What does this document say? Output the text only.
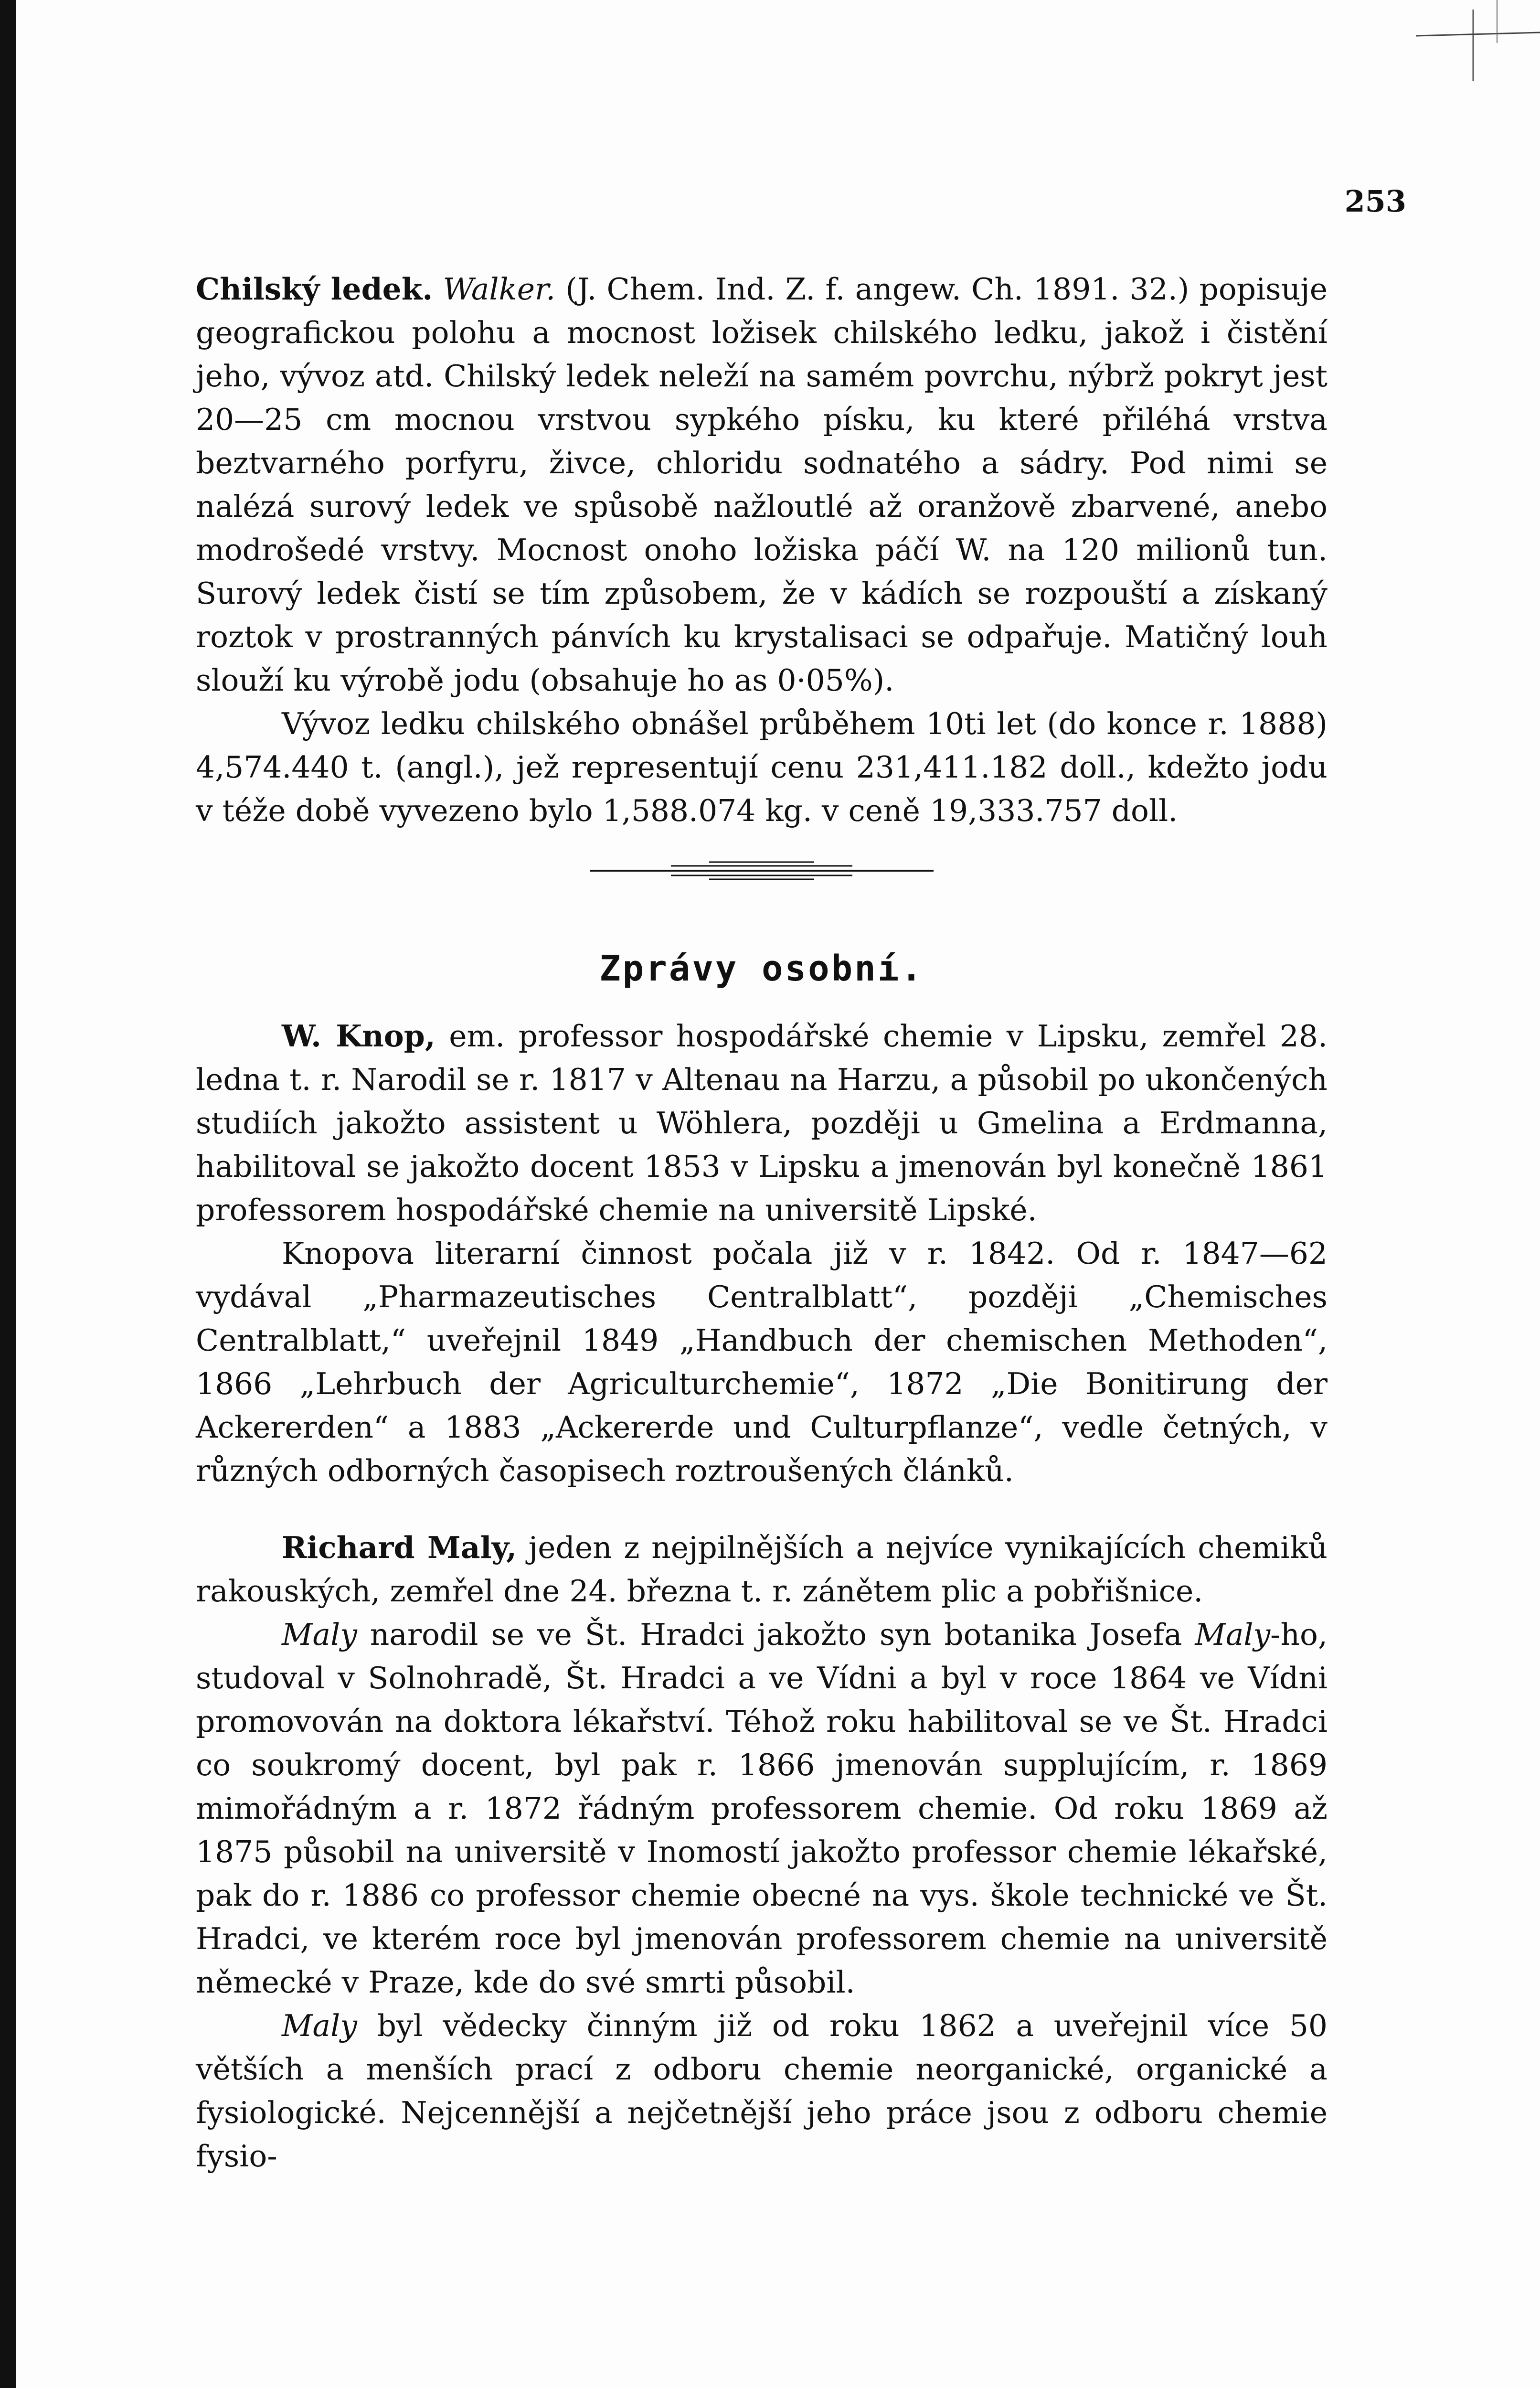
253

Chilský ledek. Walker. (J. Chem. Ind. Z. f. angew. Ch. 1891. 32.) popisuje geografickou polohu a mocnost ložisek chilského ledku, jakož i čistění jeho, vývoz atd. Chilský ledek neleží na samém povrchu, nýbrž pokryt jest 20—25 cm mocnou vrstvou sypkého písku, ku které přiléhá vrstva beztvarného porfyru, živce, chloridu sodnatého a sádry. Pod nimi se nalézá surový ledek ve spůsobě nažloutlé až oranžově zbarvené, anebo modrošedé vrstvy. Mocnost onoho ložiska páčí W. na 120 milionů tun. Surový ledek čistí se tím způsobem, že v kádích se rozpouští a získaný roztok v prostranných pánvích ku krystalisaci se odpařuje. Matičný louh slouží ku výrobě jodu (obsahuje ho as 0·05%).

Vývoz ledku chilského obnášel průběhem 10ti let (do konce r. 1888) 4,574.440 t. (angl.), jež representují cenu 231,411.182 doll., kdežto jodu v téže době vyvezeno bylo 1,588.074 kg. v ceně 19,333.757 doll.

Zprávy osobní.

W. Knop, em. professor hospodářské chemie v Lipsku, zemřel 28. ledna t. r. Narodil se r. 1817 v Altenau na Harzu, a působil po ukončených studiích jakožto assistent u Wöhlera, později u Gmelina a Erdmanna, habilitoval se jakožto docent 1853 v Lipsku a jmenován byl konečně 1861 professorem hospodářské chemie na universitě Lipské.

Knopova literarní činnost počala již v r. 1842. Od r. 1847—62 vydával „Pharmazeutisches Centralblatt“, později „Chemisches Centralblatt,“ uveřejnil 1849 „Handbuch der chemischen Methoden“, 1866 „Lehrbuch der Agriculturchemie“, 1872 „Die Bonitirung der Ackererden“ a 1883 „Ackererde und Culturpflanze“, vedle četných, v různých odborných časopisech roztroušených článků.

Richard Maly, jeden z nejpilnějších a nejvíce vynikajících chemiků rakouských, zemřel dne 24. března t. r. zánětem plic a pobřišnice.

Maly narodil se ve Št. Hradci jakožto syn botanika Josefa Maly-ho, studoval v Solnohradě, Št. Hradci a ve Vídni a byl v roce 1864 ve Vídni promovován na doktora lékařství. Téhož roku habilitoval se ve Št. Hradci co soukromý docent, byl pak r. 1866 jmenován supplujícím, r. 1869 mimořádným a r. 1872 řádným professorem chemie. Od roku 1869 až 1875 působil na universitě v Inomostí jakožto professor chemie lékařské, pak do r. 1886 co professor chemie obecné na vys. škole technické ve Št. Hradci, ve kterém roce byl jmenován professorem chemie na universitě německé v Praze, kde do své smrti působil.

Maly byl vědecky činným již od roku 1862 a uveřejnil více 50 větších a menších prací z odboru chemie neorganické, organické a fysiologické. Nejcennější a nejčetnější jeho práce jsou z odboru chemie fysio-
